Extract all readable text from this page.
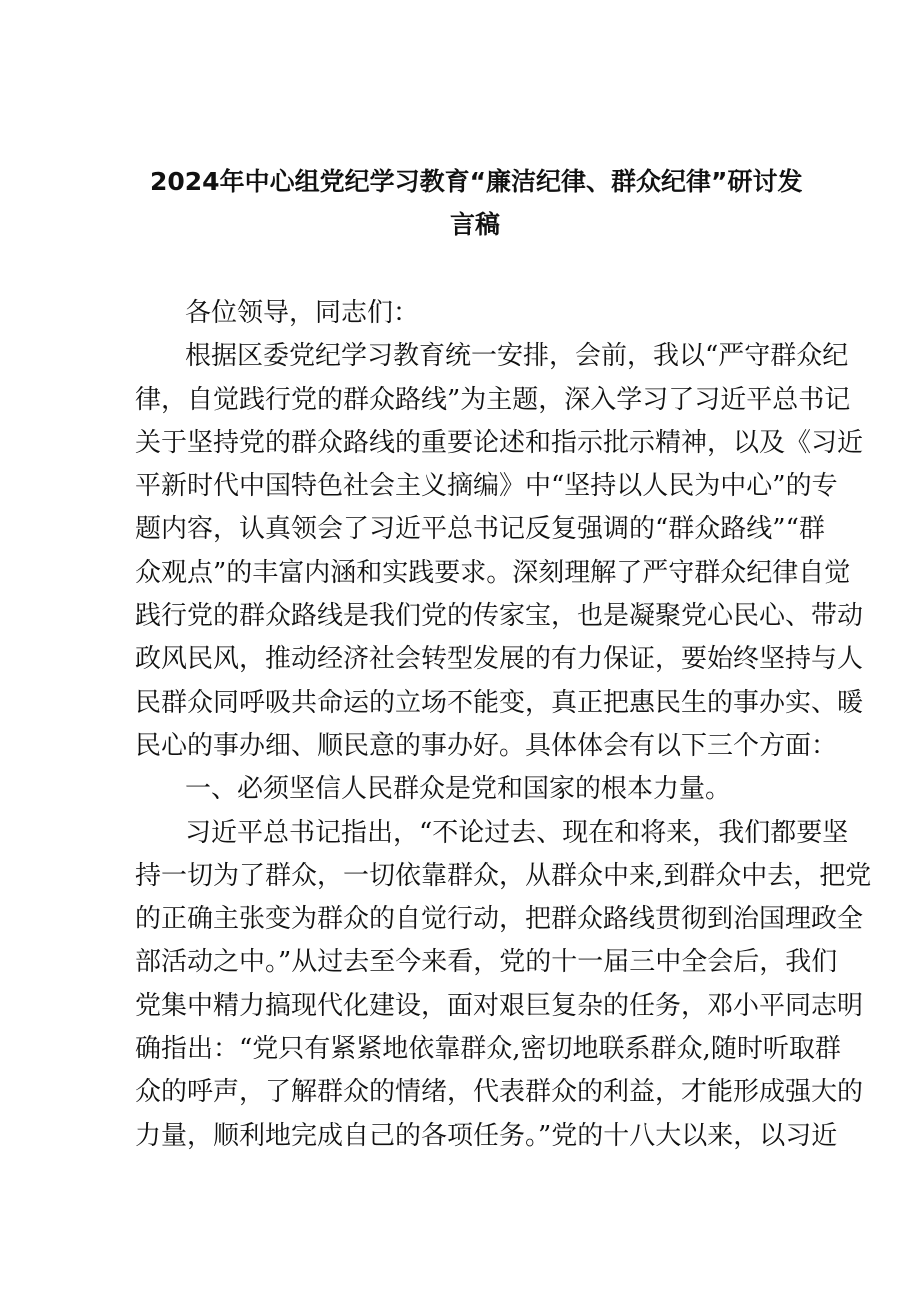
2024年中心组党纪学习教育“廉洁纪律、群众纪律”研讨发
言稿
各位领导，同志们：
根据区委党纪学习教育统一安排，会前，我以“严守群众纪
律，自觉践行党的群众路线”为主题，深入学习了习近平总书记
关于坚持党的群众路线的重要论述和指示批示精神，以及《习近
平新时代中国特色社会主义摘编》中“坚持以人民为中心”的专
题内容，认真领会了习近平总书记反复强调的“群众路线”“群
众观点”的丰富内涵和实践要求。深刻理解了严守群众纪律自觉
践行党的群众路线是我们党的传家宝，也是凝聚党心民心、带动
政风民风，推动经济社会转型发展的有力保证，要始终坚持与人
民群众同呼吸共命运的立场不能变，真正把惠民生的事办实、暖
民心的事办细、顺民意的事办好。具体体会有以下三个方面：
一、必须坚信人民群众是党和国家的根本力量。
习近平总书记指出，“不论过去、现在和将来，我们都要坚
持一切为了群众，一切依靠群众，从群众中来,到群众中去，把党
的正确主张变为群众的自觉行动，把群众路线贯彻到治国理政全
部活动之中。”从过去至今来看，党的十一届三中全会后，我们
党集中精力搞现代化建设，面对艰巨复杂的任务，邓小平同志明
确指出：“党只有紧紧地依靠群众,密切地联系群众,随时听取群
众的呼声，了解群众的情绪，代表群众的利益，才能形成强大的
力量，顺利地完成自己的各项任务。”党的十八大以来，以习近
